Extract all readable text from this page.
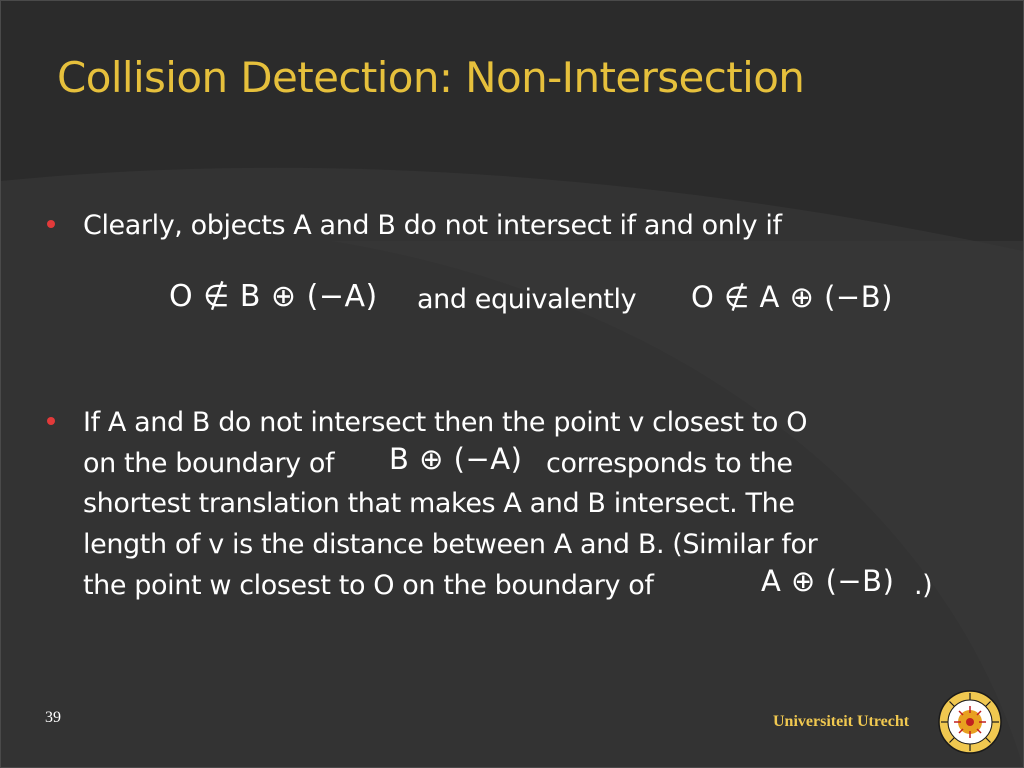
Collision Detection: Non-Intersection
Clearly, objects A and B do not intersect if and only if
O ∉ B ⊕ (−A) and equivalently O ∉ A ⊕ (−B)
If A and B do not intersect then the point v closest to O
on the boundary of B ⊕ (−A) corresponds to the
shortest translation that makes A and B intersect. The
length of v is the distance between A and B. (Similar for
the point w closest to O on the boundary of	A ⊕ (−B) .)
39	Universiteit Utrecht
